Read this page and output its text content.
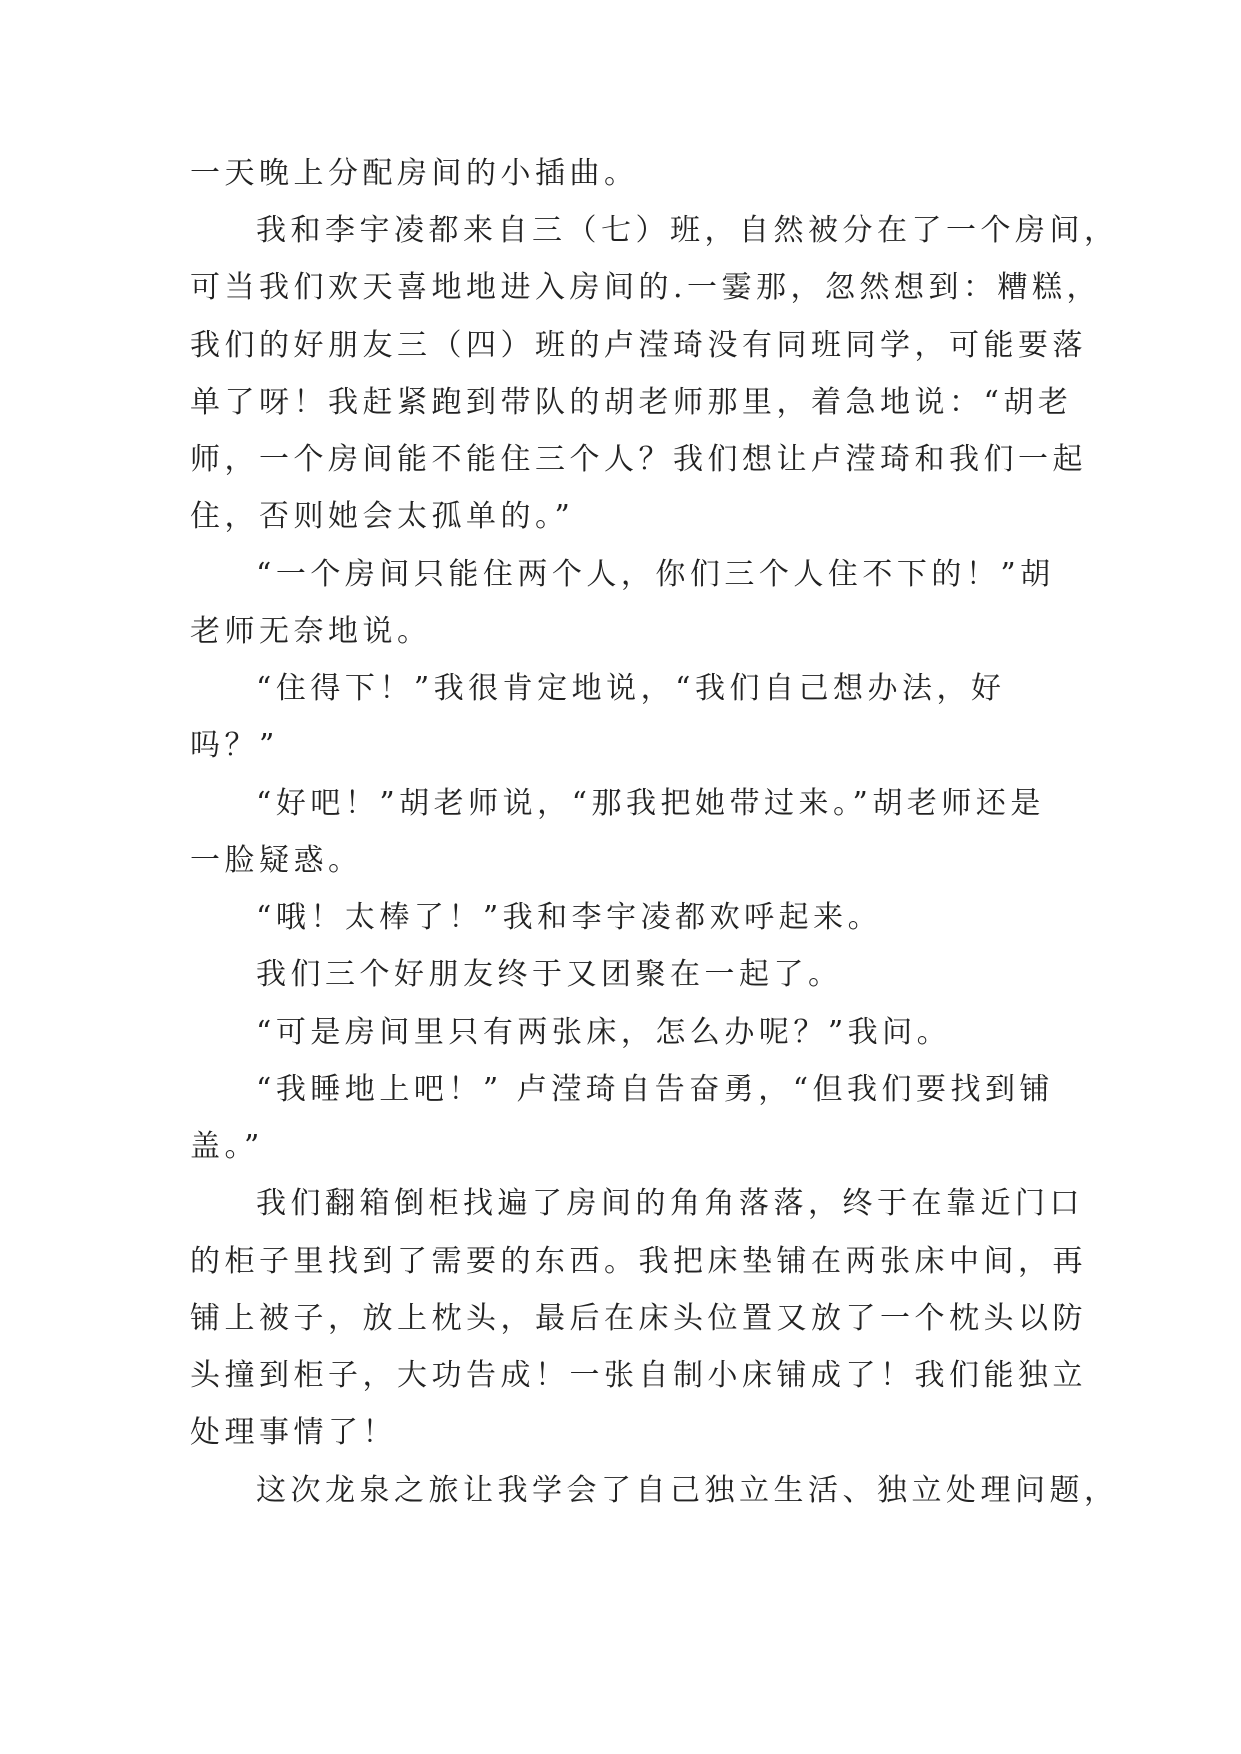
一天晚上分配房间的小插曲。
我和李宇凌都来自三（七）班，自然被分在了一个房间，
可当我们欢天喜地地进入房间的.一霎那，忽然想到：糟糕，
我们的好朋友三（四）班的卢滢琦没有同班同学，可能要落
单了呀！我赶紧跑到带队的胡老师那里，着急地说：“胡老
师，一个房间能不能住三个人？我们想让卢滢琦和我们一起
住，否则她会太孤单的。”
“一个房间只能住两个人，你们三个人住不下的！”胡
老师无奈地说。
“住得下！”我很肯定地说，“我们自己想办法，好
吗？”
“好吧！”胡老师说，“那我把她带过来。”胡老师还是
一脸疑惑。
“哦！太棒了！”我和李宇凌都欢呼起来。
我们三个好朋友终于又团聚在一起了。
“可是房间里只有两张床，怎么办呢？”我问。
“我睡地上吧！” 卢滢琦自告奋勇，“但我们要找到铺
盖。”
我们翻箱倒柜找遍了房间的角角落落，终于在靠近门口
的柜子里找到了需要的东西。我把床垫铺在两张床中间，再
铺上被子，放上枕头，最后在床头位置又放了一个枕头以防
头撞到柜子，大功告成！一张自制小床铺成了！我们能独立
处理事情了！
这次龙泉之旅让我学会了自己独立生活、独立处理问题，
